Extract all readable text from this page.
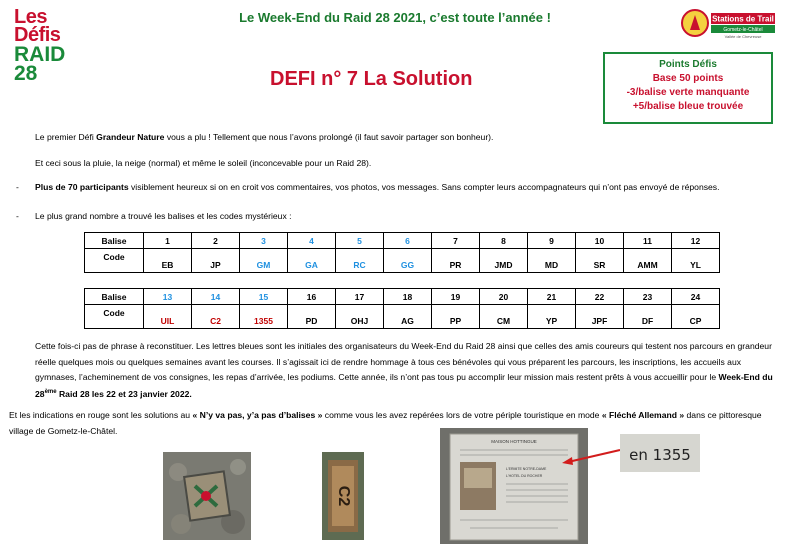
Les
Défis
RAID
28
Le Week-End du Raid 28 2021, c’est toute l’année !	Stations de Trail
Gometz-le-Châtel
Vallée de Chevreuse
DEFI n° 7 La Solution
Points Défis
Base 50 points
-3/balise verte manquante
+5/balise bleue trouvée
Le premier Défi Grandeur Nature vous a plu ! Tellement que nous l’avons prolongé (il faut savoir partager son bonheur).
Et ceci sous la pluie, la neige (normal) et même le soleil (inconcevable pour un Raid 28).
- Plus de 70 participants visiblement heureux si on en croit vos commentaires, vos photos, vos messages. Sans compter leurs accompagnateurs qui n’ont pas envoyé de réponses.
- Le plus grand nombre a trouvé les balises et les codes mystérieux :
Balise	1	2	3	4	5	6	7	8	9	10	11	12
Code	EB	JP	GM	GA	RC	GG	PR	JMD	MD	SR	AMM	YL
Balise	13	14	15	16	17	18	19	20	21	22	23	24
Code	UIL	C2	1355	PD	OHJ	AG	PP	CM	YP	JPF	DF	CP
Cette fois-ci pas de phrase à reconstituer. Les lettres bleues sont les initiales des organisateurs du Week-End du Raid 28 ainsi que celles des amis coureurs qui testent nos parcours en grandeur réelle quelques mois ou quelques semaines avant les courses. Il s’agissait ici de rendre hommage à tous ces bénévoles qui vous préparent les parcours, les inscriptions, les accueils aux gymnases, l’acheminement de vos consignes, les repas d’arrivée, les podiums. Cette année, ils n’ont pas tous pu accomplir leur mission mais restent prêts à vous accueillir pour le Week-End du 28ème Raid 28 les 22 et 23 janvier 2022.
Et les indications en rouge sont les solutions au « N’y va pas, y’a pas d’balises » comme vous les avez repérées lors de votre périple touristique en mode « Fléché Allemand » dans ce pittoresque village de Gometz-le-Châtel.
C2
MAISON HOTTINGUE
L'ERMITE NOTRE-DAME
L'HOTEL DU ROCHER
en 1355
